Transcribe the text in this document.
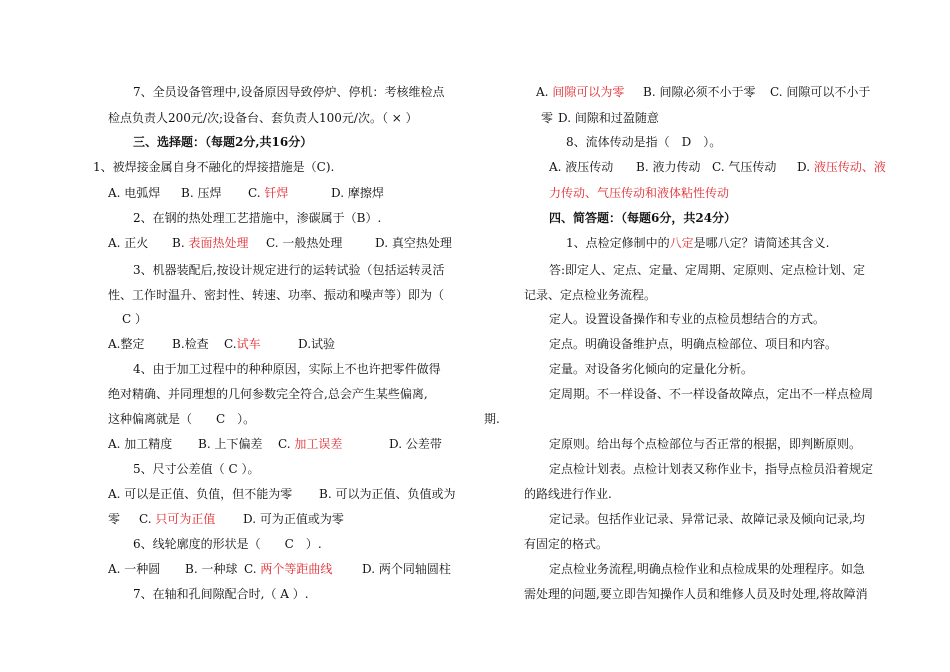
7、全员设备管理中,设备原因导致停炉、停机：考核维检点
检点负责人200元/次;设备台、套负责人100元/次。（ × ）
三、选择题：（每题2分,共16分）
1、被焊接金属自身不融化的焊接措施是（C).
A. 电弧焊 B. 压焊 C. 钎焊	D. 摩擦焊
2、在钢的热处理工艺措施中，渗碳属于（B）.
A. 正火 B. 表面热处理 C. 一般热处理	D. 真空热处理
3、机器装配后,按设计规定进行的运转试验（包括运转灵活
性、工作时温升、密封性、转速、功率、振动和噪声等）即为（
C ）
A.整定 B.检查 C.试车	D.试验
4、由于加工过程中的种种原因，实际上不也许把零件做得
绝对精确、并同理想的几何参数完全符合,总会产生某些偏离,
这种偏离就是（　　C　）。
A. 加工精度 B. 上下偏差 C. 加工误差	D. 公差带
5、尺寸公差值（ C ）。
A. 可以是正值、负值，但不能为零 B. 可以为正值、负值或为
零 C. 只可为正值 D. 可为正值或为零
6、线轮廓度的形状是（　　C　）.
A. 一种圆 B. 一种球 C. 两个等距曲线 D. 两个同轴圆柱
7、在轴和孔间隙配合时,（ A ）.
期.
A. 间隙可以为零 B. 间隙必须不小于零 C. 间隙可以不小于
零 D. 间隙和过盈随意
8、流体传动是指（　D　）。
A. 液压传动 B. 液力传动 C. 气压传动 D. 液压传动、液
力传动、气压传动和液体粘性传动
四、简答题：（每题6分，共24分）
1、点检定修制中的八定是哪八定？请简述其含义.
答:即定人、定点、定量、定周期、定原则、定点检计划、定
记录、定点检业务流程。
定人。设置设备操作和专业的点检员想结合的方式。
定点。明确设备维护点，明确点检部位、项目和内容。
定量。对设备劣化倾向的定量化分析。
定周期。不一样设备、不一样设备故障点，定出不一样点检周
定原则。给出每个点检部位与否正常的根据，即判断原则。
定点检计划表。点检计划表又称作业卡，指导点检员沿着规定
的路线进行作业.
定记录。包括作业记录、异常记录、故障记录及倾向记录,均
有固定的格式。
定点检业务流程,明确点检作业和点检成果的处理程序。如急
需处理的问题,要立即告知操作人员和维修人员及时处理,将故障消
